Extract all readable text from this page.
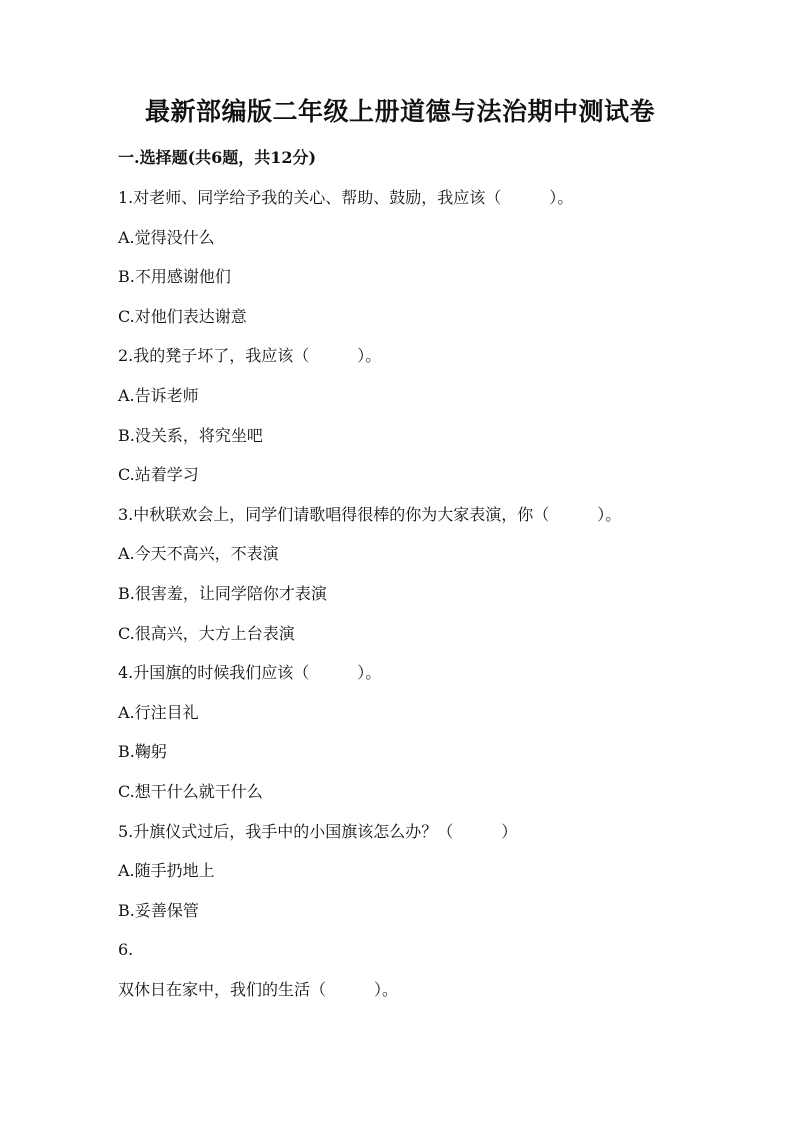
最新部编版二年级上册道德与法治期中测试卷
一.选择题(共6题，共12分)
1.对老师、同学给予我的关心、帮助、鼓励，我应该（　　　）。
A.觉得没什么
B.不用感谢他们
C.对他们表达谢意
2.我的凳子坏了，我应该（　　　）。
A.告诉老师
B.没关系，将究坐吧
C.站着学习
3.中秋联欢会上，同学们请歌唱得很棒的你为大家表演，你（　　　）。
A.今天不高兴，不表演
B.很害羞，让同学陪你才表演
C.很高兴，大方上台表演
4.升国旗的时候我们应该（　　　）。
A.行注目礼
B.鞠躬
C.想干什么就干什么
5.升旗仪式过后，我手中的小国旗该怎么办？（　　　）
A.随手扔地上
B.妥善保管
6.
双休日在家中，我们的生活（　　　）。
